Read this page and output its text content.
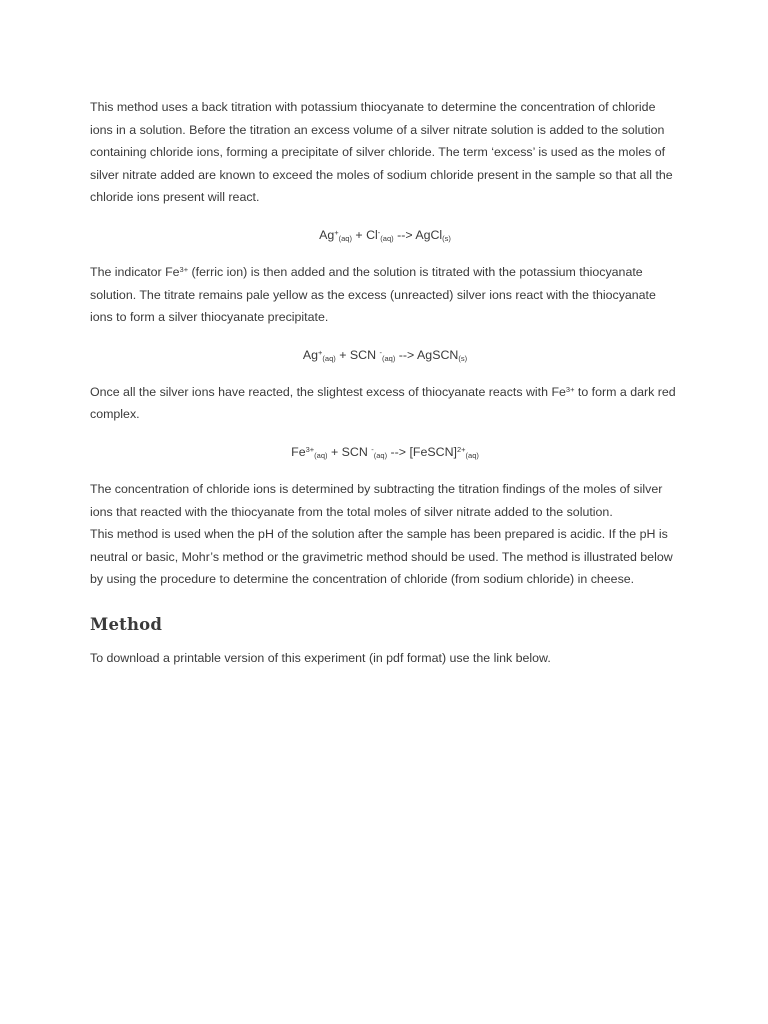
This method uses a back titration with potassium thiocyanate to determine the concentration of chloride ions in a solution. Before the titration an excess volume of a silver nitrate solution is added to the solution containing chloride ions, forming a precipitate of silver chloride. The term ‘excess’ is used as the moles of silver nitrate added are known to exceed the moles of sodium chloride present in the sample so that all the chloride ions present will react.

$Ag^+_{(aq)} + Cl^-_{(aq)}$ --> AgCl$_{(s)}$

The indicator $Fe^{3+}$ (ferric ion) is then added and the solution is titrated with the potassium thiocyanate solution. The titrate remains pale yellow as the excess (unreacted) silver ions react with the thiocyanate ions to form a silver thiocyanate precipitate.

$Ag^+_{(aq)}$ + SCN -$_{(aq)}$ --> AgSCN$_{(s)}$

Once all the silver ions have reacted, the slightest excess of thiocyanate reacts with $Fe^{3+}$ to form a dark red complex.

$Fe^{3+}_{(aq)}$ + SCN -$_{(aq)}$ --> [FeSCN]$^{2+}_{(aq)}$

The concentration of chloride ions is determined by subtracting the titration findings of the moles of silver ions that reacted with the thiocyanate from the total moles of silver nitrate added to the solution.

This method is used when the pH of the solution after the sample has been prepared is acidic. If the pH is neutral or basic, Mohr’s method or the gravimetric method should be used. The method is illustrated below by using the procedure to determine the concentration of chloride (from sodium chloride) in cheese.

Method

To download a printable version of this experiment (in pdf format) use the link below.
